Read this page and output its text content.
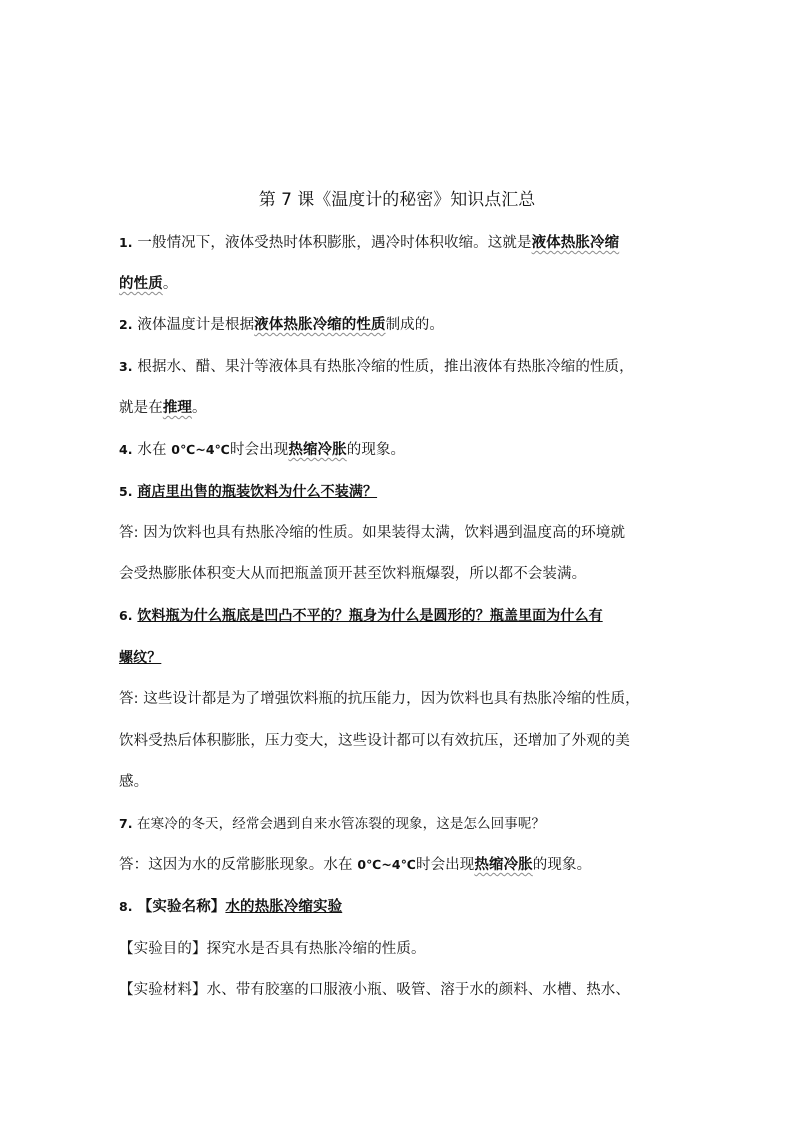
第 7 课《温度计的秘密》知识点汇总
1. 一般情况下，液体受热时体积膨胀，遇冷时体积收缩。这就是液体热胀冷缩
的性质。
2. 液体温度计是根据液体热胀冷缩的性质制成的。
3. 根据水、醋、果汁等液体具有热胀冷缩的性质，推出液体有热胀冷缩的性质，
就是在推理。
4. 水在 0℃~4℃时会出现热缩冷胀的现象。
5. 商店里出售的瓶装饮料为什么不装满？
答: 因为饮料也具有热胀冷缩的性质。如果装得太满，饮料遇到温度高的环境就
会受热膨胀体积变大从而把瓶盖顶开甚至饮料瓶爆裂，所以都不会装满。
6. 饮料瓶为什么瓶底是凹凸不平的？瓶身为什么是圆形的？瓶盖里面为什么有
螺纹？
答: 这些设计都是为了增强饮料瓶的抗压能力，因为饮料也具有热胀冷缩的性质，
饮料受热后体积膨胀，压力变大，这些设计都可以有效抗压，还增加了外观的美
感。
7. 在寒冷的冬天，经常会遇到自来水管冻裂的现象，这是怎么回事呢？
答：这因为水的反常膨胀现象。水在 0℃~4℃时会出现热缩冷胀的现象。
8. 【实验名称】水的热胀冷缩实验
【实验目的】探究水是否具有热胀冷缩的性质。
【实验材料】水、带有胶塞的口服液小瓶、吸管、溶于水的颜料、水槽、热水、
